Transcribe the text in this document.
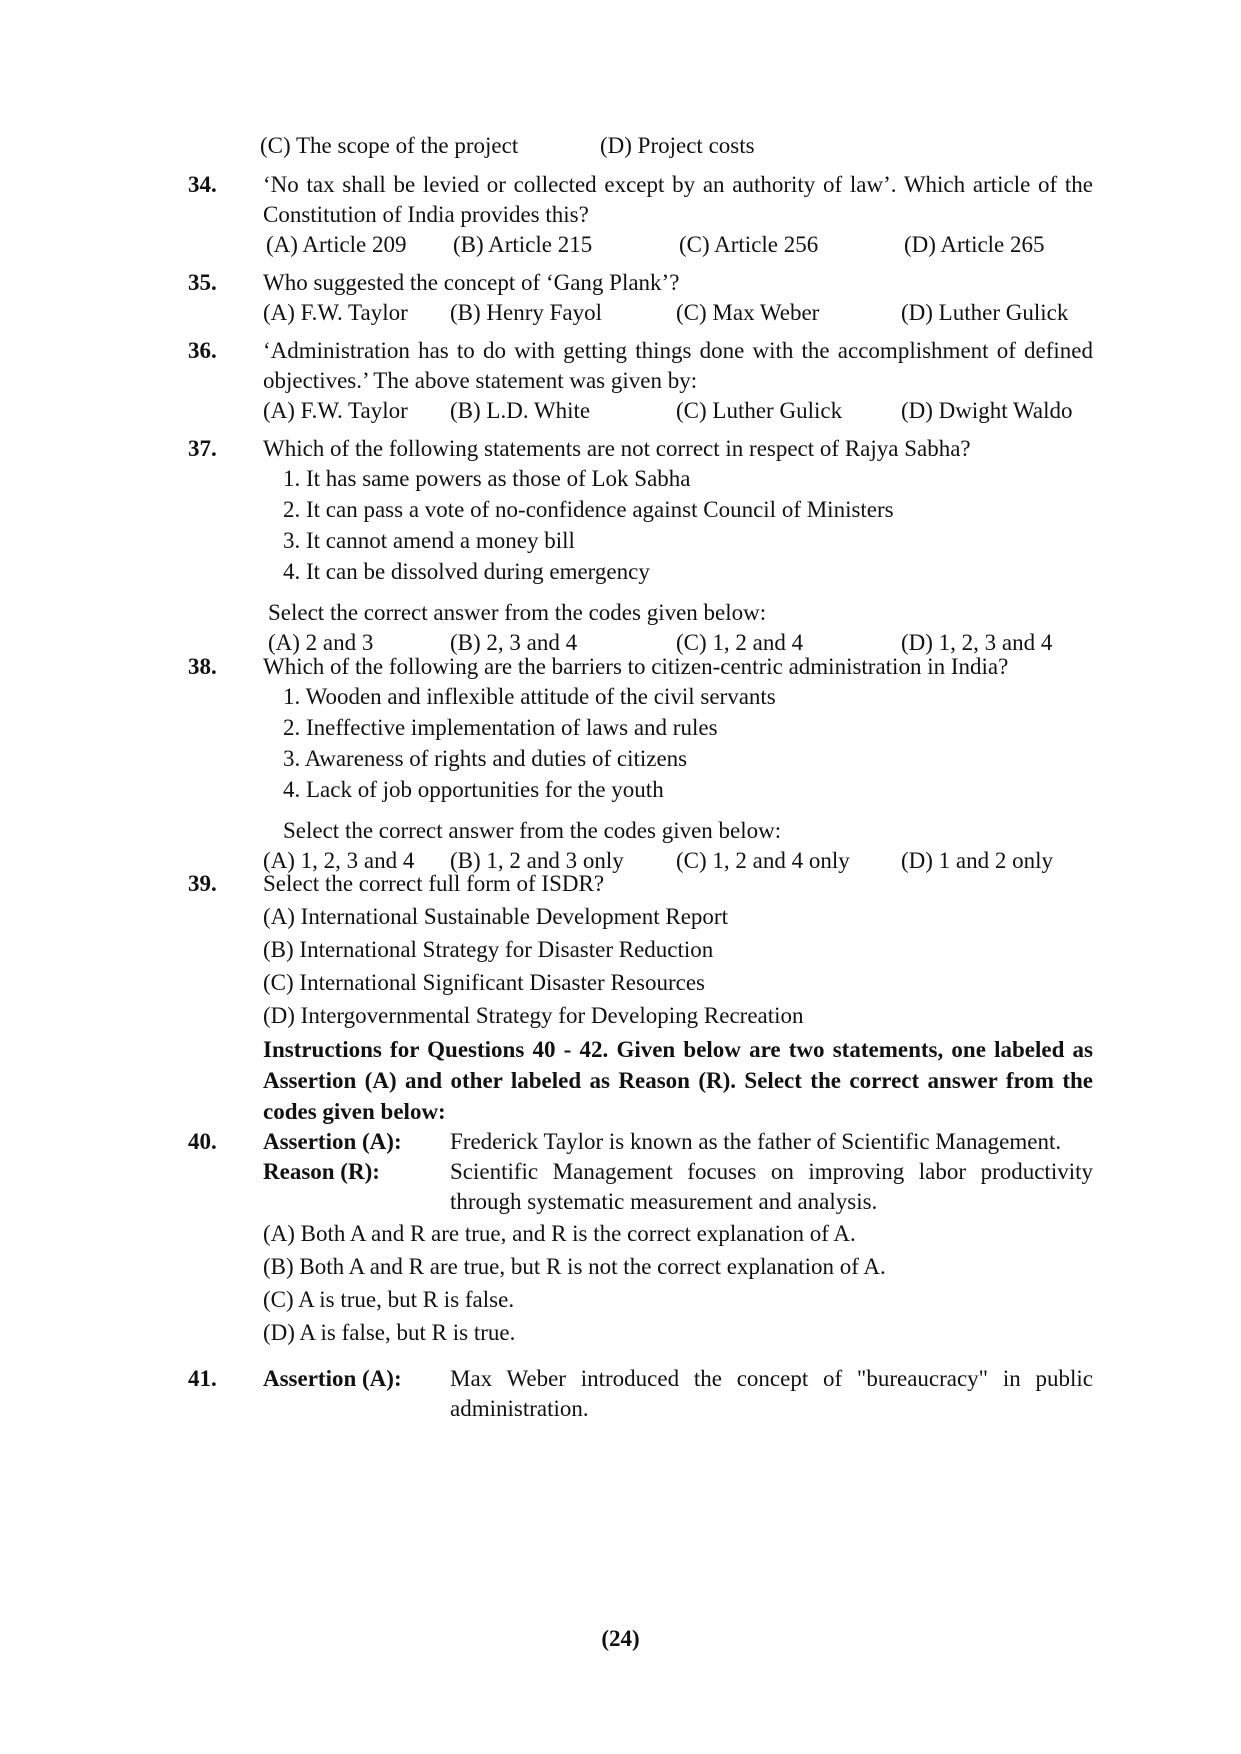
(C) The scope of the project	(D) Project costs
34. ‘No tax shall be levied or collected except by an authority of law’. Which article of the Constitution of India provides this?
(A) Article 209 (B) Article 215	(C) Article 256	(D) Article 265
35. Who suggested the concept of ‘Gang Plank’?
(A) F.W. Taylor (B) Henry Fayol	(C) Max Weber	(D) Luther Gulick
36. ‘Administration has to do with getting things done with the accomplishment of defined objectives.’ The above statement was given by:
(A) F.W. Taylor (B) L.D. White	(C) Luther Gulick	(D) Dwight Waldo
37. Which of the following statements are not correct in respect of Rajya Sabha?
1. It has same powers as those of Lok Sabha
2. It can pass a vote of no-confidence against Council of Ministers
3. It cannot amend a money bill
4. It can be dissolved during emergency
Select the correct answer from the codes given below:
(A) 2 and 3	(B) 2, 3 and 4	(C) 1, 2 and 4	(D) 1, 2, 3 and 4
38. Which of the following are the barriers to citizen-centric administration in India?
1. Wooden and inflexible attitude of the civil servants
2. Ineffective implementation of laws and rules
3. Awareness of rights and duties of citizens
4. Lack of job opportunities for the youth
Select the correct answer from the codes given below:
(A) 1, 2, 3 and 4 (B) 1, 2 and 3 only (C) 1, 2 and 4 only (D) 1 and 2 only
39. Select the correct full form of ISDR?
(A) International Sustainable Development Report
(B) International Strategy for Disaster Reduction
(C) International Significant Disaster Resources
(D) Intergovernmental Strategy for Developing Recreation
Instructions for Questions 40 - 42. Given below are two statements, one labeled as Assertion (A) and other labeled as Reason (R). Select the correct answer from the codes given below:
40. Assertion (A):	Frederick Taylor is known as the father of Scientific Management.
Reason (R):	Scientific Management focuses on improving labor productivity through systematic measurement and analysis.
(A) Both A and R are true, and R is the correct explanation of A.
(B) Both A and R are true, but R is not the correct explanation of A.
(C) A is true, but R is false.
(D) A is false, but R is true.
41. Assertion (A): Max Weber introduced the concept of "bureaucracy" in public administration.
(24)
